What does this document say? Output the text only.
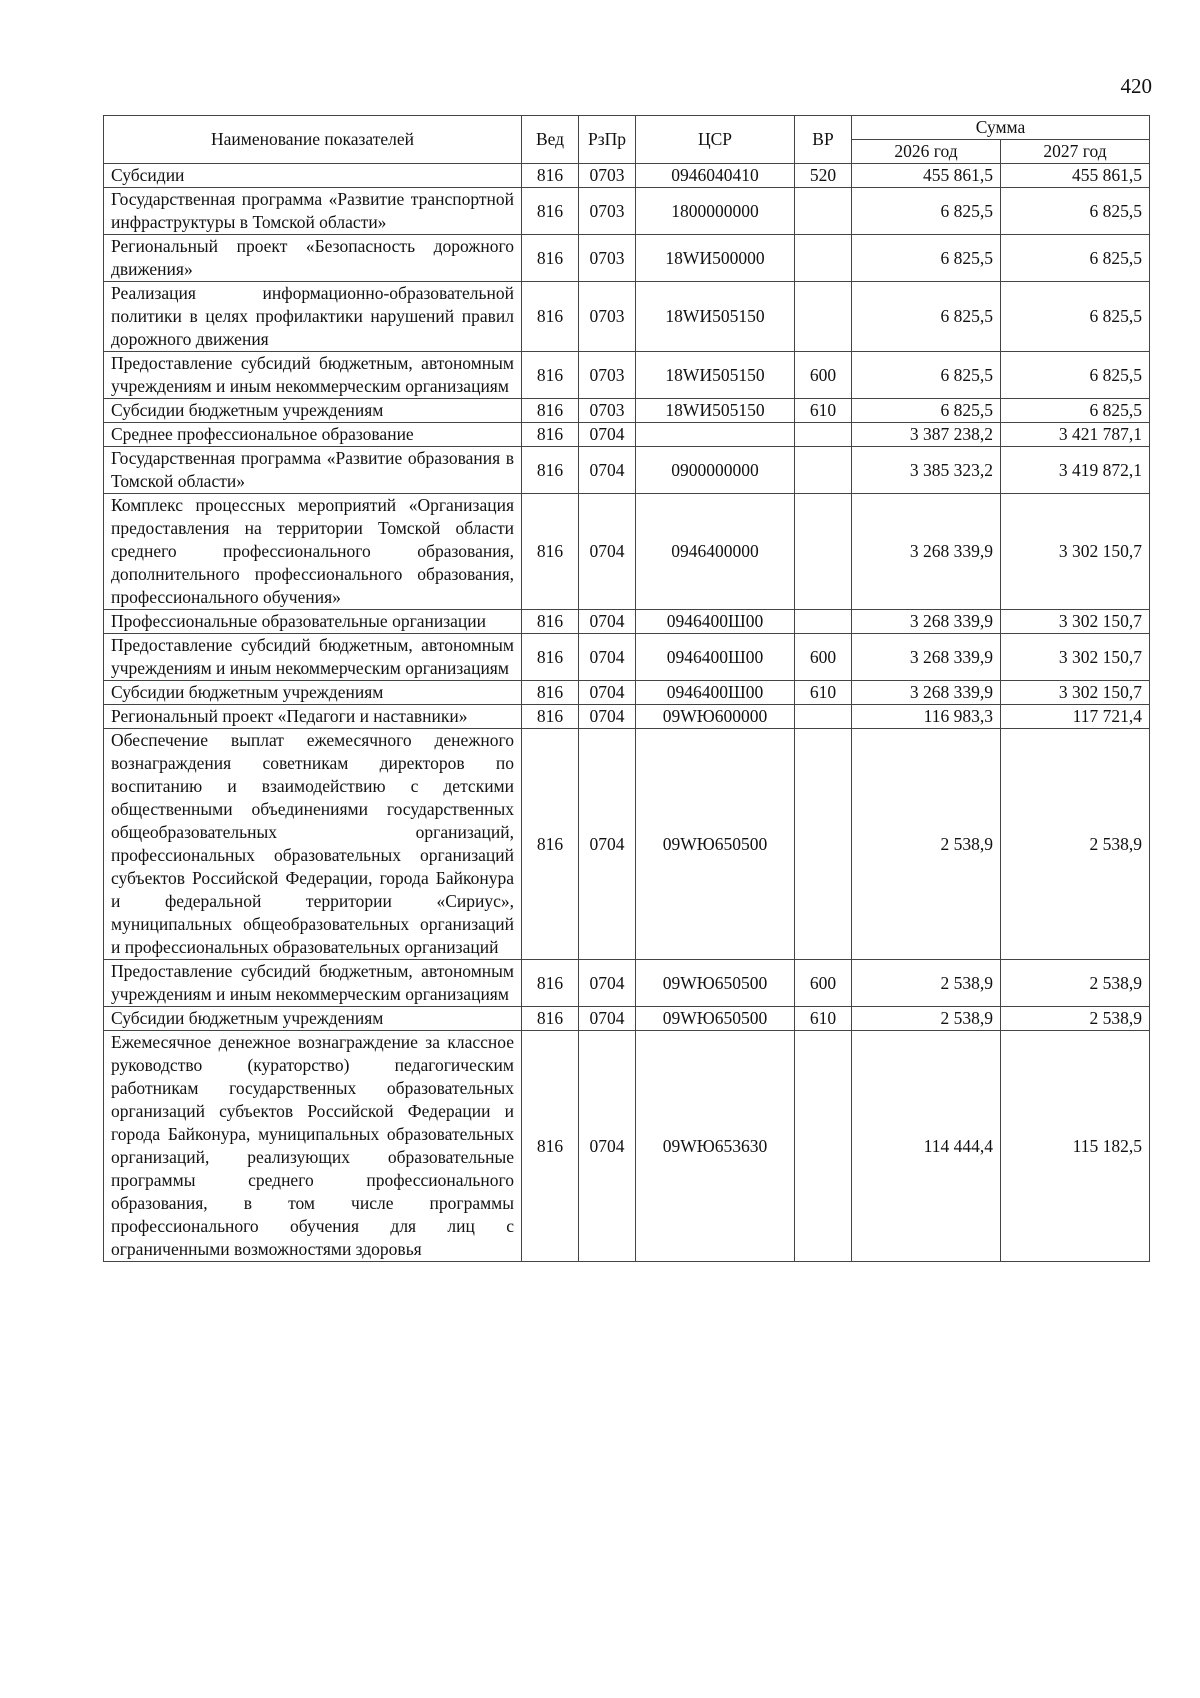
420
Наименование показателей	Вед	РзПр	ЦСР	ВР	Сумма	
					2026 год	2027 год
Субсидии	816	0703	0946040410	520	455 861,5	455 861,5
Государственная программа «Развитие транспортной инфраструктуры в Томской области»	816	0703	1800000000		6 825,5	6 825,5
Региональный проект «Безопасность дорожного движения»	816	0703	18WИ500000		6 825,5	6 825,5
Реализация информационно-образовательной политики в целях профилактики нарушений правил дорожного движения	816	0703	18WИ505150		6 825,5	6 825,5
Предоставление субсидий бюджетным, автономным учреждениям и иным некоммерческим организациям	816	0703	18WИ505150	600	6 825,5	6 825,5
Субсидии бюджетным учреждениям	816	0703	18WИ505150	610	6 825,5	6 825,5
Среднее профессиональное образование	816	0704			3 387 238,2	3 421 787,1
Государственная программа «Развитие образования в Томской области»	816	0704	0900000000		3 385 323,2	3 419 872,1
Комплекс процессных мероприятий «Организация предоставления на территории Томской области среднего профессионального образования, дополнительного профессионального образования, профессионального обучения»	816	0704	0946400000		3 268 339,9	3 302 150,7
Профессиональные образовательные организации	816	0704	0946400Ш00		3 268 339,9	3 302 150,7
Предоставление субсидий бюджетным, автономным учреждениям и иным некоммерческим организациям	816	0704	0946400Ш00	600	3 268 339,9	3 302 150,7
Субсидии бюджетным учреждениям	816	0704	0946400Ш00	610	3 268 339,9	3 302 150,7
Региональный проект «Педагоги и наставники»	816	0704	09WЮ600000		116 983,3	117 721,4
Обеспечение выплат ежемесячного денежного вознаграждения советникам директоров по воспитанию и взаимодействию с детскими общественными объединениями государственных общеобразовательных организаций, профессиональных образовательных организаций субъектов Российской Федерации, города Байконура и федеральной территории «Сириус», муниципальных общеобразовательных организаций и профессиональных образовательных организаций	816	0704	09WЮ650500		2 538,9	2 538,9
Предоставление субсидий бюджетным, автономным учреждениям и иным некоммерческим организациям	816	0704	09WЮ650500	600	2 538,9	2 538,9
Субсидии бюджетным учреждениям	816	0704	09WЮ650500	610	2 538,9	2 538,9
Ежемесячное денежное вознаграждение за классное руководство (кураторство) педагогическим работникам государственных образовательных организаций субъектов Российской Федерации и города Байконура, муниципальных образовательных организаций, реализующих образовательные программы среднего профессионального образования, в том числе программы профессионального обучения для лиц с ограниченными возможностями здоровья	816	0704	09WЮ653630		114 444,4	115 182,5
